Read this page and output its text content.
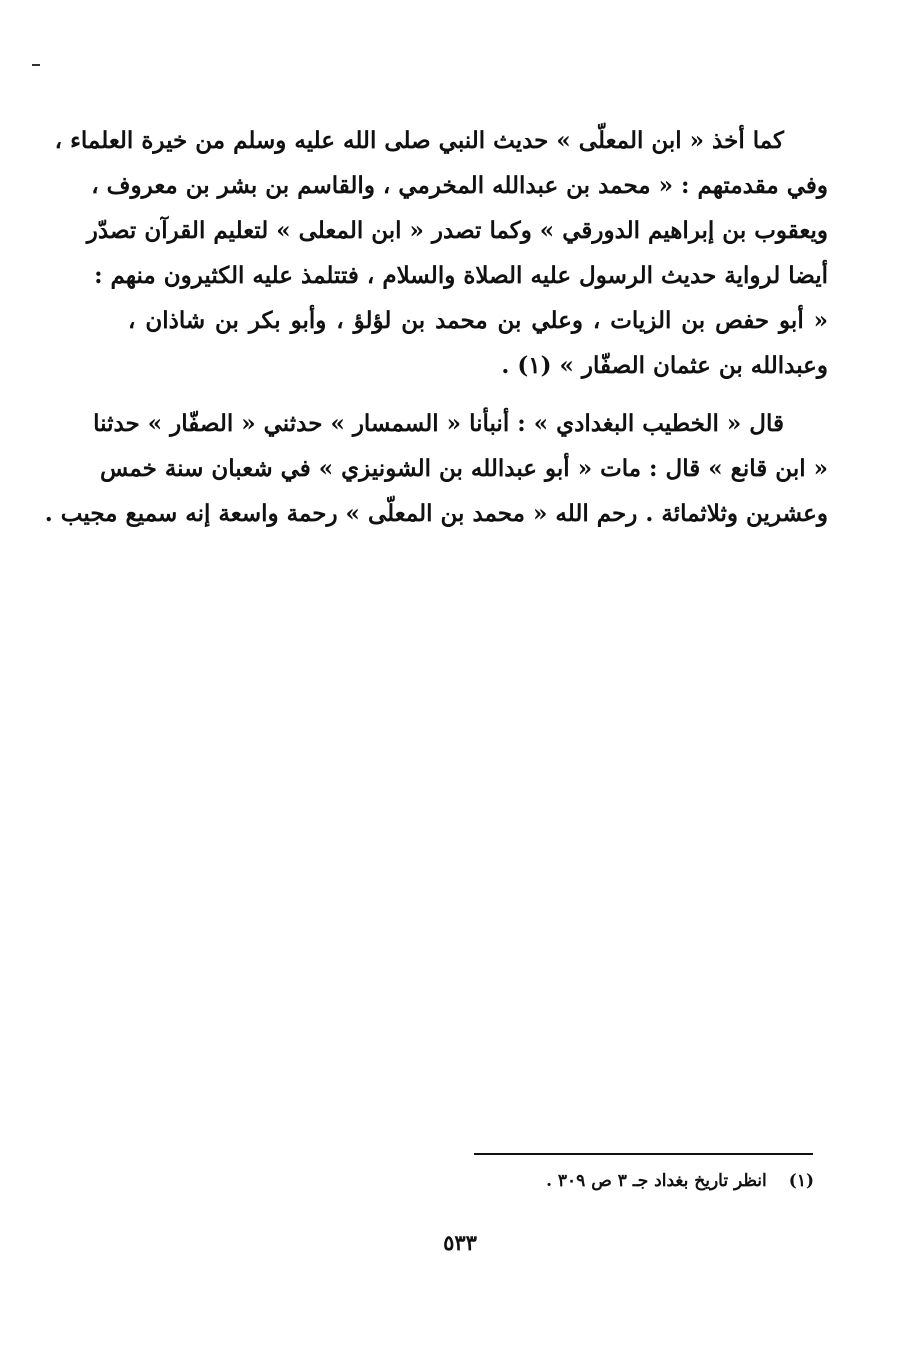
كما أخذ « ابن المعلّى » حديث النبي صلى الله عليه وسلم من خيرة العلماء ،
وفي مقدمتهم : « محمد بن عبدالله المخرمي ، والقاسم بن بشر بن معروف ،
ويعقوب بن إبراهيم الدورقي » وكما تصدر « ابن المعلى » لتعليم القرآن تصدّر
أيضا لرواية حديث الرسول عليه الصلاة والسلام ، فتتلمذ عليه الكثيرون منهم :
« أبو حفص بن الزيات ، وعلي بن محمد بن لؤلؤ ، وأبو بكر بن شاذان ،
وعبدالله بن عثمان الصفّار » (١) .

قال « الخطيب البغدادي » : أنبأنا « السمسار » حدثني « الصفّار » حدثنا
« ابن قانع » قال : مات « أبو عبدالله بن الشونيزي » في شعبان سنة خمس
وعشرين وثلاثمائة . رحم الله « محمد بن المعلّى » رحمة واسعة إنه سميع مجيب .

(١)انظر تاريخ بغداد جـ ٣ ص ٣٠٩ .
٥٣٣
